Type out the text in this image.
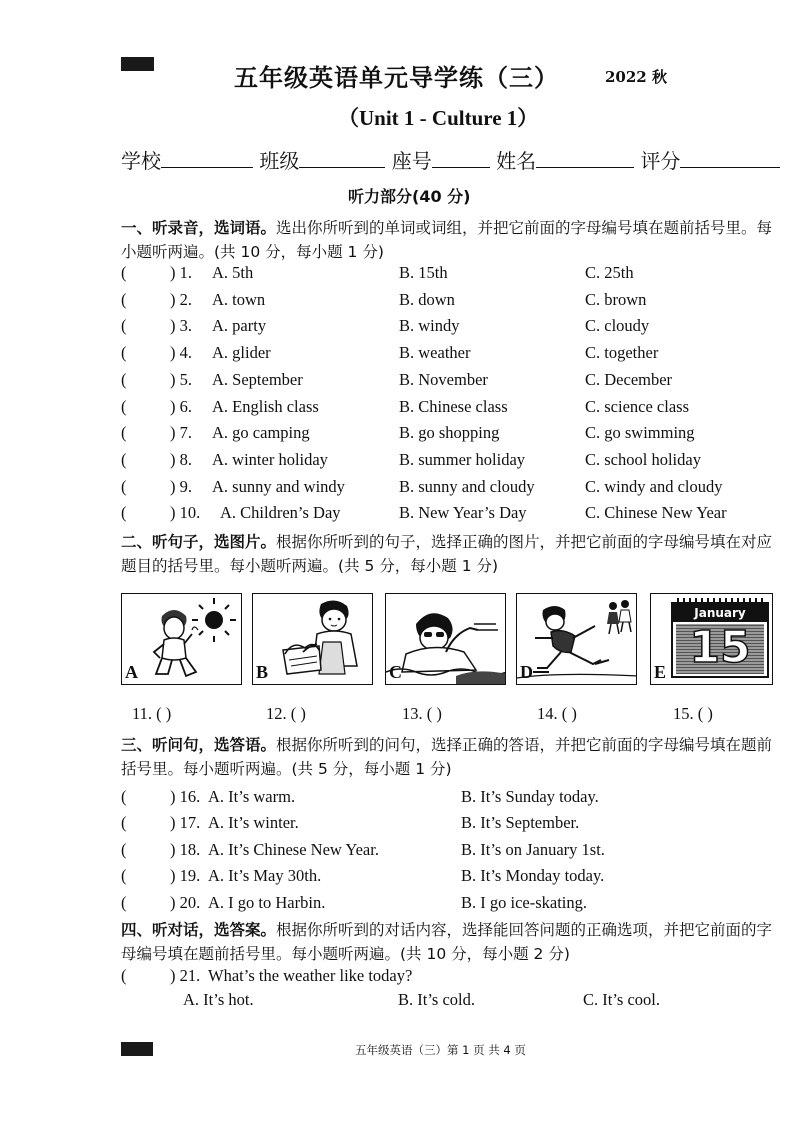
五年级英语单元导学练（三）	2022 秋
（Unit 1 - Culture 1）
学校	班级	座号	姓名	评分
听力部分(40 分)
一、听录音，选词语。选出你所听到的单词或词组，并把它前面的字母编号填在题前括号里。每小题听两遍。(共 10 分，每小题 1 分)
(	) 1. A. 5th	B. 15th	C. 25th
(	) 2. A. town	B. down	C. brown
(	) 3. A. party	B. windy	C. cloudy
(	) 4. A. glider	B. weather	C. together
(	) 5. A. September	B. November	C. December
(	) 6. A. English class	B. Chinese class	C. science class
(	) 7. A. go camping	B. go shopping	C. go swimming
(	) 8. A. winter holiday	B. summer holiday	C. school holiday
(	) 9. A. sunny and windy	B. sunny and cloudy	C. windy and cloudy
(	) 10. A. Children’s Day	B. New Year’s Day	C. Chinese New Year
二、听句子，选图片。根据你所听到的句子，选择正确的图片，并把它前面的字母编号填在对应题目的括号里。每小题听两遍。(共 5 分，每小题 1 分)
A	B	C	D
January
15
E
11. ( )	12. ( )	13. ( )	14. ( )	15. ( )
三、听问句，选答语。根据你所听到的问句，选择正确的答语，并把它前面的字母编号填在题前括号里。每小题听两遍。(共 5 分，每小题 1 分)
(	) 16. A. It’s warm.	B. It’s Sunday today.
(	) 17. A. It’s winter.	B. It’s September.
(	) 18. A. It’s Chinese New Year.	B. It’s on January 1st.
(	) 19. A. It’s May 30th.	B. It’s Monday today.
(	) 20. A. I go to Harbin.	B. I go ice-skating.
四、听对话，选答案。根据你所听到的对话内容，选择能回答问题的正确选项，并把它前面的字母编号填在题前括号里。每小题听两遍。(共 10 分，每小题 2 分)
(	) 21. What’s the weather like today?
A. It’s hot.	B. It’s cold.	C. It’s cool.
五年级英语（三）第 1 页 共 4 页
